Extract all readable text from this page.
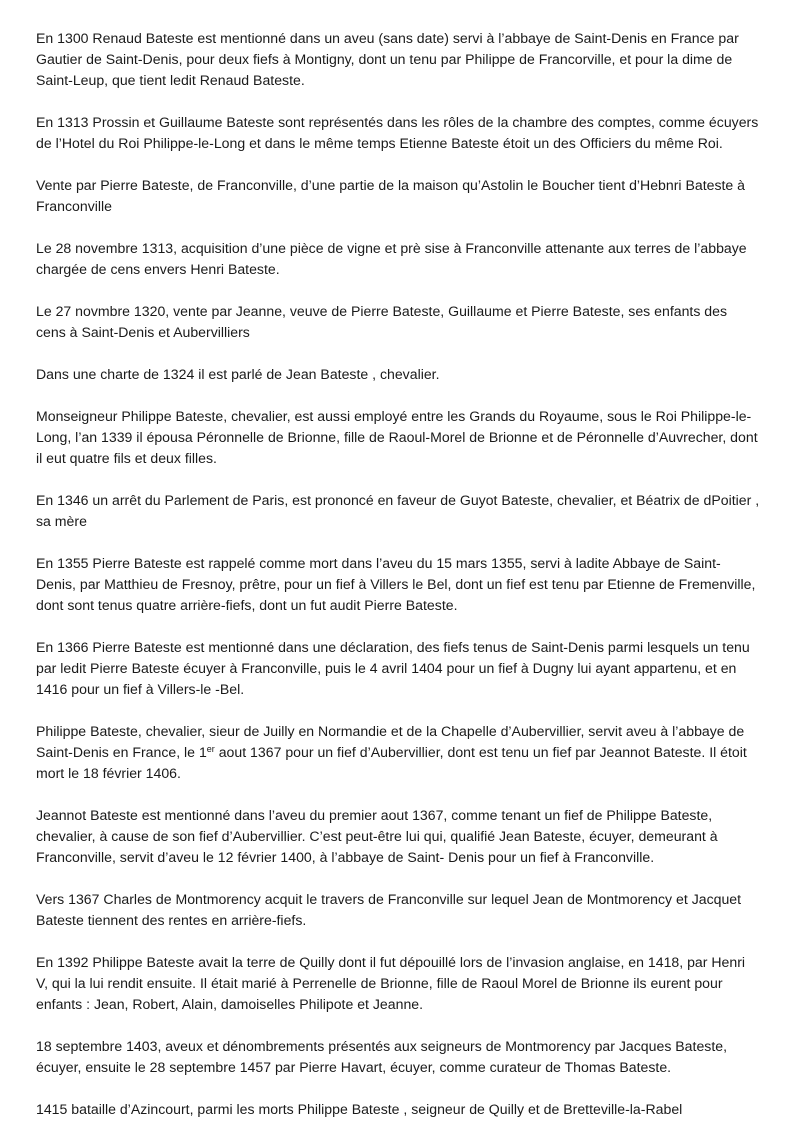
En 1300 Renaud Bateste est mentionné dans un aveu (sans date) servi à l’abbaye de Saint-Denis en France par Gautier de Saint-Denis, pour deux fiefs à Montigny, dont un tenu par Philippe de Francorville, et pour la dime de Saint-Leup, que tient ledit Renaud Bateste.

En 1313 Prossin et Guillaume Bateste sont représentés dans les rôles de la chambre des comptes, comme écuyers de l’Hotel du Roi Philippe-le-Long et dans le même temps Etienne Bateste étoit un des Officiers du même Roi.

Vente par Pierre Bateste, de Franconville, d’une partie de la maison qu’Astolin le Boucher tient d’Hebnri Bateste à Franconville

Le 28 novembre 1313, acquisition d’une pièce de vigne et prè sise à Franconville attenante aux terres de l’abbaye chargée de cens envers Henri Bateste.

Le 27 novmbre 1320, vente par Jeanne, veuve de Pierre Bateste, Guillaume et Pierre Bateste, ses enfants des cens à Saint-Denis et Aubervilliers

Dans une charte de 1324 il est parlé de Jean Bateste , chevalier.

Monseigneur Philippe Bateste, chevalier, est aussi employé entre les Grands du Royaume, sous le Roi Philippe-le-Long, l’an 1339 il épousa Péronnelle de Brionne, fille de Raoul-Morel de Brionne et de Péronnelle d’Auvrecher, dont il eut quatre fils et deux filles.

En 1346 un arrêt du Parlement de Paris, est prononcé en faveur de Guyot Bateste, chevalier, et Béatrix de dPoitier , sa mère

En 1355 Pierre Bateste est rappelé comme mort dans l’aveu du 15 mars 1355, servi à ladite Abbaye de Saint-Denis, par Matthieu de Fresnoy, prêtre, pour un fief à Villers le Bel, dont un fief est tenu par Etienne de Fremenville, dont sont tenus quatre arrière-fiefs, dont un fut audit Pierre Bateste.

En 1366 Pierre Bateste est mentionné dans une déclaration, des fiefs tenus de Saint-Denis parmi lesquels un tenu par ledit Pierre Bateste écuyer à Franconville, puis le 4 avril 1404 pour un fief à Dugny lui ayant appartenu, et en 1416 pour un fief à Villers-le -Bel.

Philippe Bateste, chevalier, sieur de Juilly en Normandie et de la Chapelle d’Aubervillier, servit aveu à l’abbaye de Saint-Denis en France, le 1er aout 1367 pour un fief d’Aubervillier, dont est tenu un fief par Jeannot Bateste. Il étoit mort le 18 février 1406.

Jeannot Bateste est mentionné dans l’aveu du premier aout 1367, comme tenant un fief de Philippe Bateste, chevalier, à cause de son fief d’Aubervillier. C’est peut-être lui qui, qualifié Jean Bateste, écuyer, demeurant à Franconville, servit d’aveu le 12 février 1400, à l’abbaye de Saint- Denis pour un fief à Franconville.

Vers 1367 Charles de Montmorency acquit le travers de Franconville sur lequel Jean de Montmorency et Jacquet Bateste tiennent des rentes en arrière-fiefs.

En 1392 Philippe Bateste avait la terre de Quilly dont il fut dépouillé lors de l’invasion anglaise, en 1418, par Henri V, qui la lui rendit ensuite. Il était marié à Perrenelle de Brionne, fille de Raoul Morel de Brionne ils eurent pour enfants : Jean, Robert, Alain, damoiselles Philipote et Jeanne.

18 septembre 1403, aveux et dénombrements présentés aux seigneurs de Montmorency par Jacques Bateste, écuyer, ensuite le 28 septembre 1457 par Pierre Havart, écuyer, comme curateur de Thomas Bateste.

1415 bataille d’Azincourt, parmi les morts Philippe Bateste , seigneur de Quilly et de Bretteville-la-Rabel
